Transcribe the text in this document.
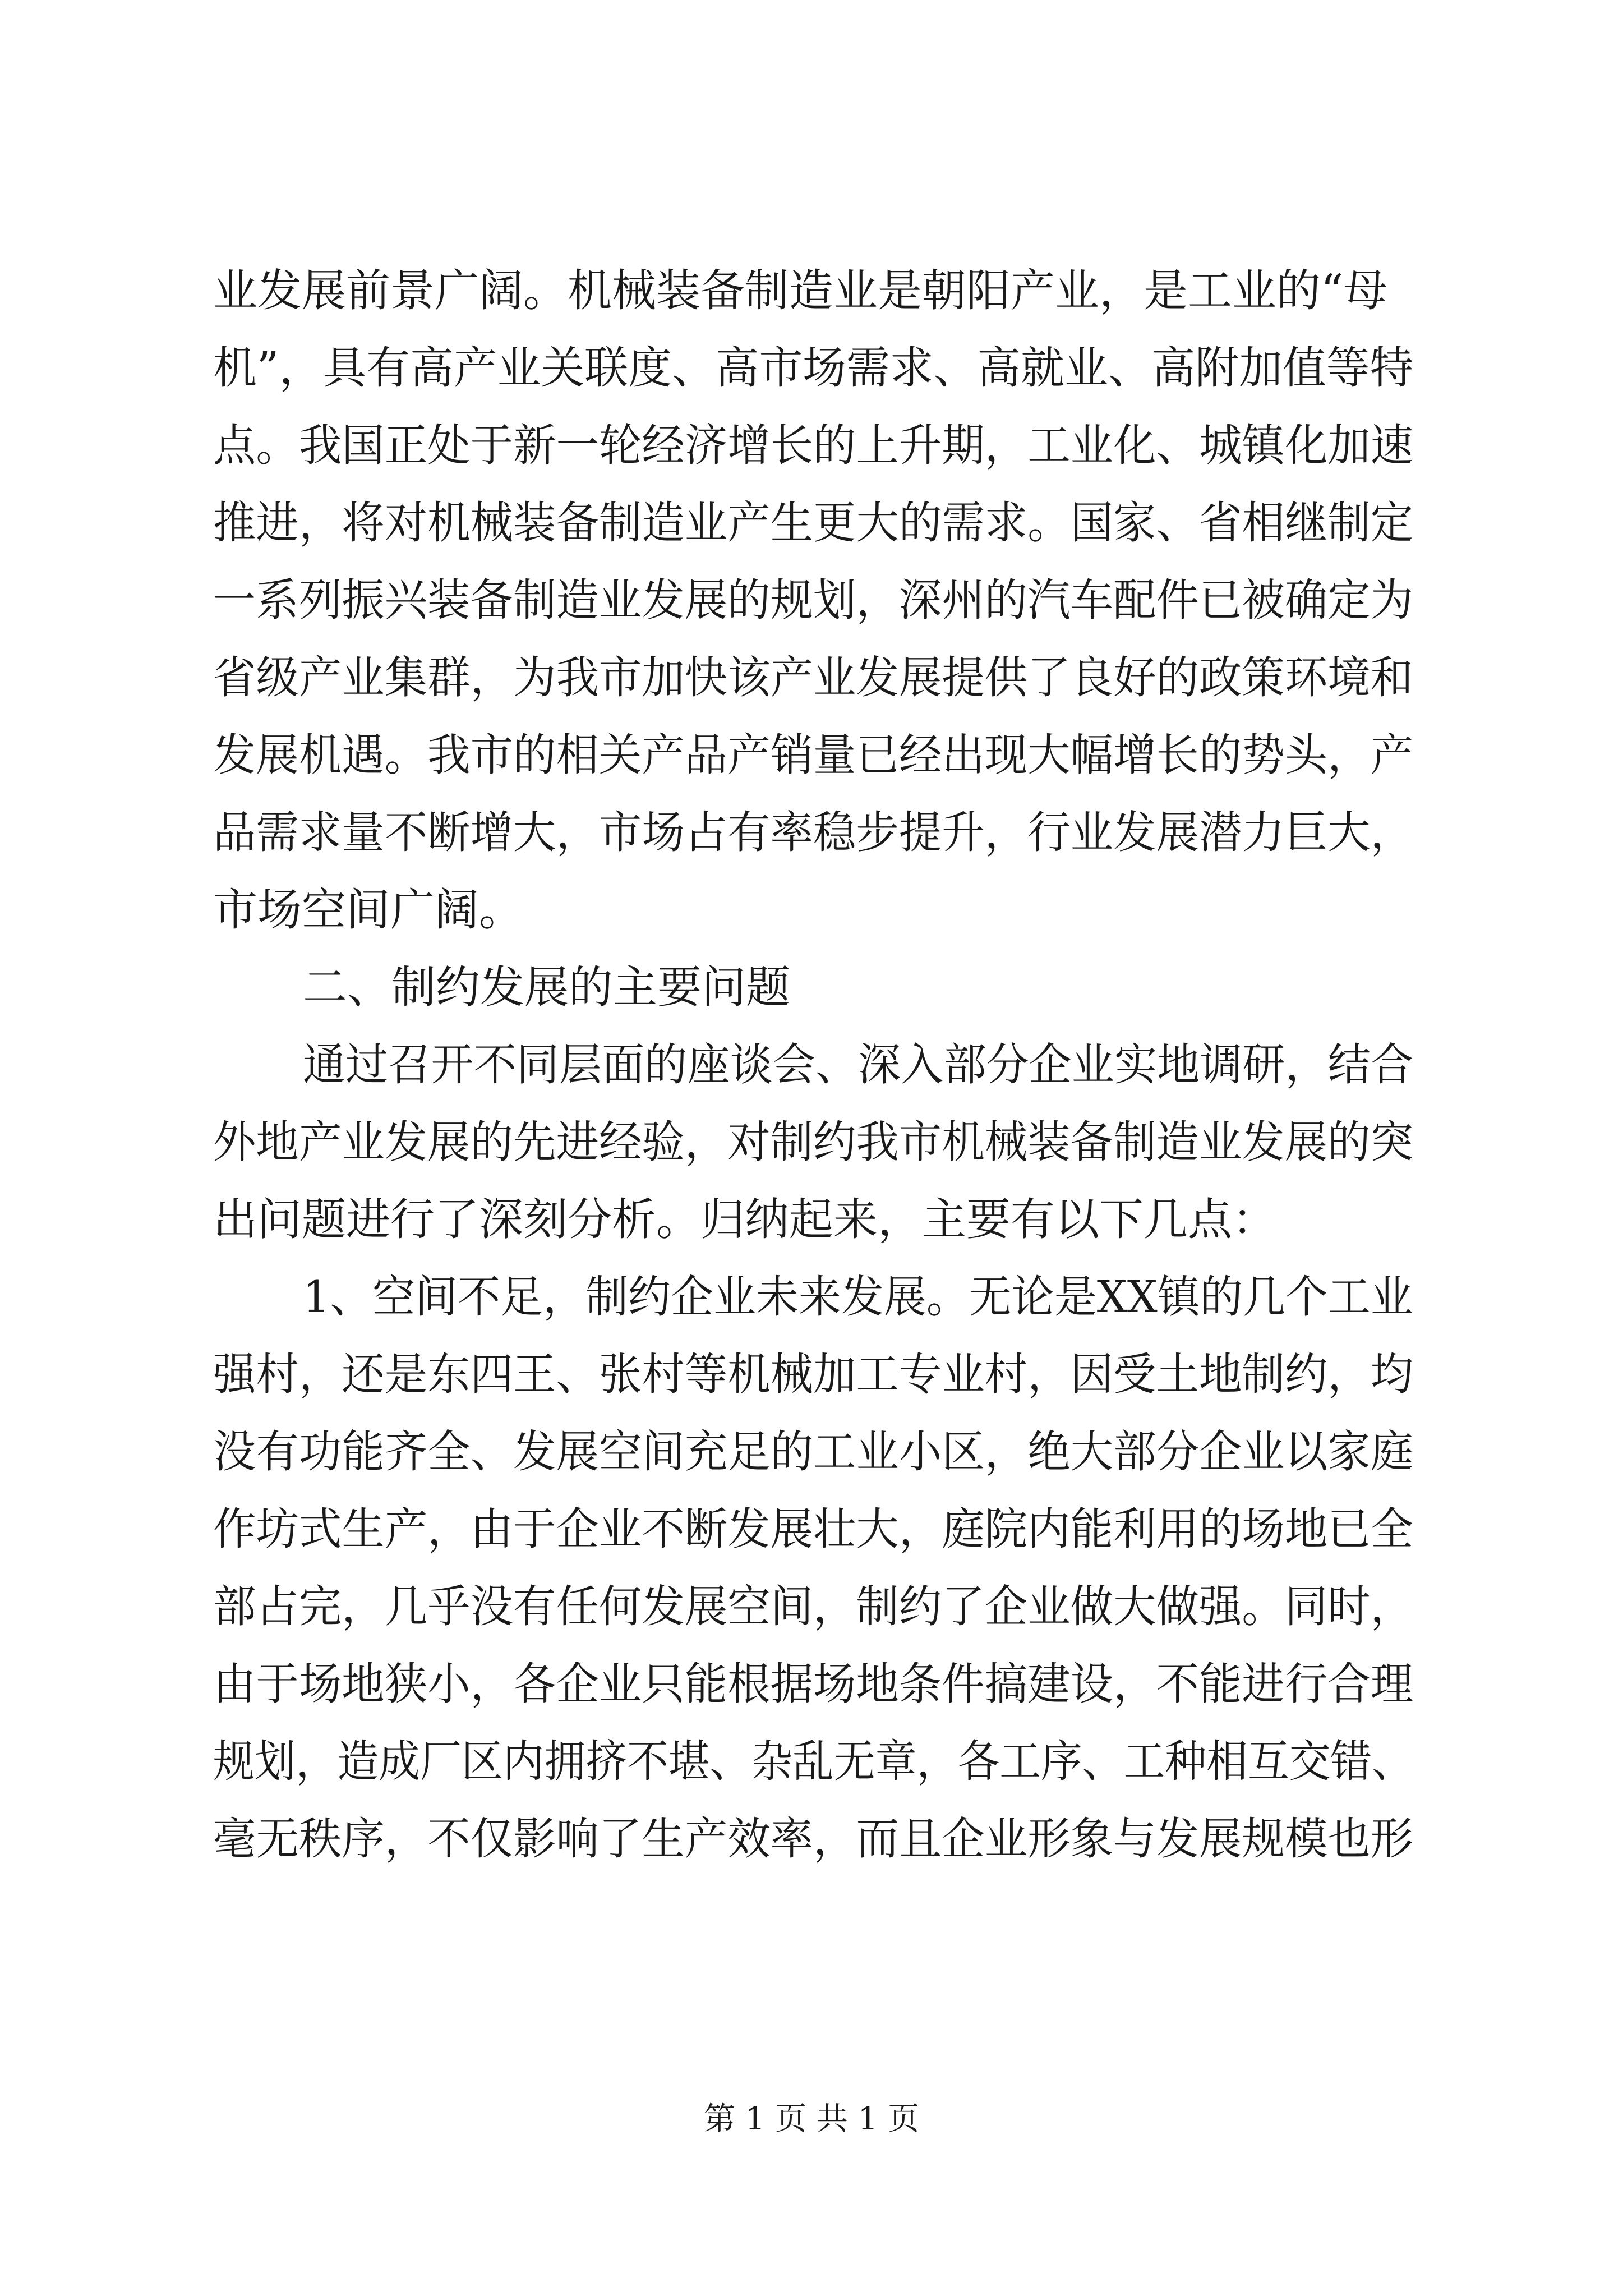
业发展前景广阔。机械装备制造业是朝阳产业，是工业的“母
机”，具有高产业关联度、高市场需求、高就业、高附加值等特
点。我国正处于新一轮经济增长的上升期，工业化、城镇化加速
推进，将对机械装备制造业产生更大的需求。国家、省相继制定
一系列振兴装备制造业发展的规划，深州的汽车配件已被确定为
省级产业集群，为我市加快该产业发展提供了良好的政策环境和
发展机遇。我市的相关产品产销量已经出现大幅增长的势头，产
品需求量不断增大，市场占有率稳步提升，行业发展潜力巨大，
市场空间广阔。
二、制约发展的主要问题
通过召开不同层面的座谈会、深入部分企业实地调研，结合
外地产业发展的先进经验，对制约我市机械装备制造业发展的突
出问题进行了深刻分析。归纳起来，主要有以下几点：
1、空间不足，制约企业未来发展。无论是XX镇的几个工业
强村，还是东四王、张村等机械加工专业村，因受土地制约，均
没有功能齐全、发展空间充足的工业小区，绝大部分企业以家庭
作坊式生产，由于企业不断发展壮大，庭院内能利用的场地已全
部占完，几乎没有任何发展空间，制约了企业做大做强。同时，
由于场地狭小，各企业只能根据场地条件搞建设，不能进行合理
规划，造成厂区内拥挤不堪、杂乱无章，各工序、工种相互交错、
毫无秩序，不仅影响了生产效率，而且企业形象与发展规模也形
第 1 页 共 1 页
